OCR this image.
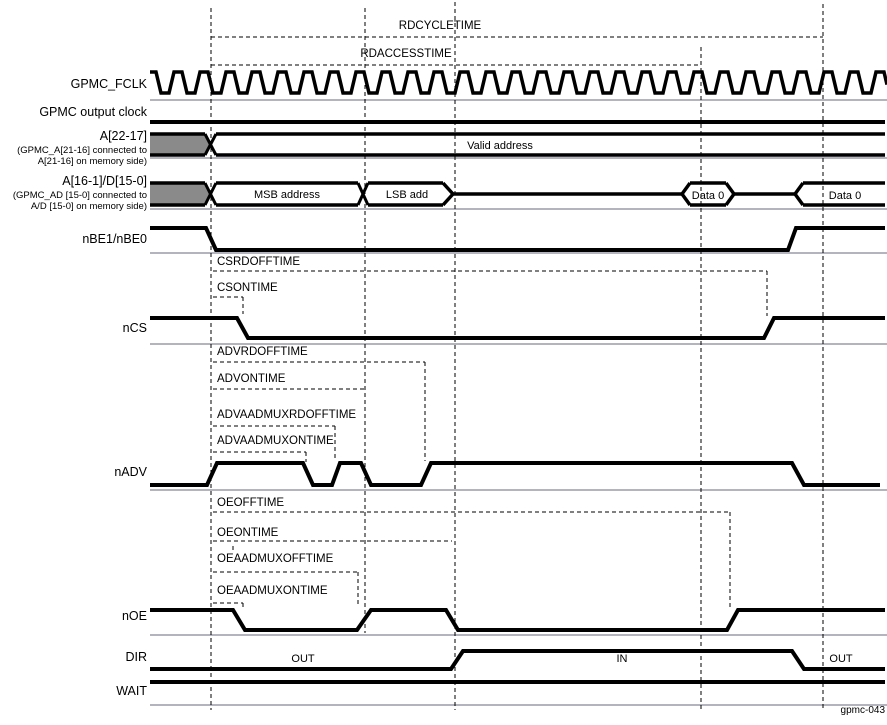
GPMC_FCLK
GPMC output clock
A[22-17]
(GPMC_A[21-16] connected to
A[21-16] on memory side)
A[16-1]/D[15-0]
(GPMC_AD [15-0] connected to
A/D [15-0] on memory side)
nBE1/nBE0
nCS
nADV
nOE
DIR
WAIT
RDCYCLETIME
RDACCESSTIME
CSRDOFFTIME
CSONTIME
ADVRDOFFTIME
ADVONTIME
ADVAADMUXRDOFFTIME
ADVAADMUXONTIME
OEOFFTIME
OEONTIME
OEAADMUXOFFTIME
OEAADMUXONTIME
Valid address
MSB address	LSB add	Data 0	Data 0
OUT	IN	OUT
gpmc-043
